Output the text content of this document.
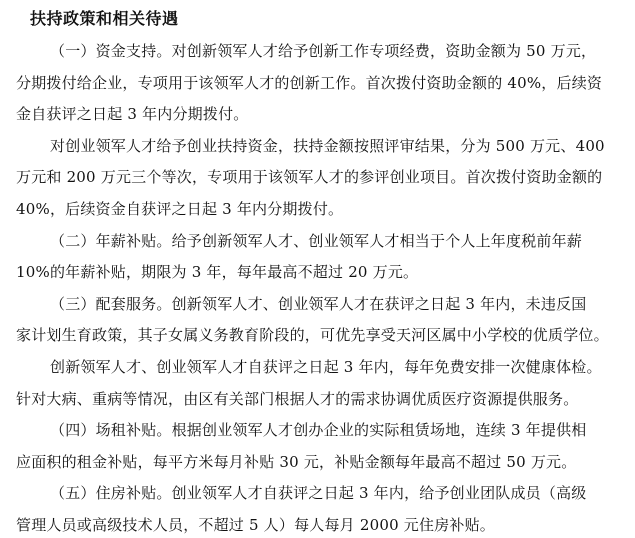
扶持政策和相关待遇
（一）资金支持。对创新领军人才给予创新工作专项经费，资助金额为 50 万元，
分期拨付给企业，专项用于该领军人才的创新工作。首次拨付资助金额的 40%，后续资
金自获评之日起 3 年内分期拨付。
对创业领军人才给予创业扶持资金，扶持金额按照评审结果，分为 500 万元、400
万元和 200 万元三个等次，专项用于该领军人才的参评创业项目。首次拨付资助金额的
40%，后续资金自获评之日起 3 年内分期拨付。
（二）年薪补贴。给予创新领军人才、创业领军人才相当于个人上年度税前年薪
10%的年薪补贴，期限为 3 年，每年最高不超过 20 万元。
（三）配套服务。创新领军人才、创业领军人才在获评之日起 3 年内，未违反国
家计划生育政策，其子女属义务教育阶段的，可优先享受天河区属中小学校的优质学位。
创新领军人才、创业领军人才自获评之日起 3 年内，每年免费安排一次健康体检。
针对大病、重病等情况，由区有关部门根据人才的需求协调优质医疗资源提供服务。
（四）场租补贴。根据创业领军人才创办企业的实际租赁场地，连续 3 年提供相
应面积的租金补贴，每平方米每月补贴 30 元，补贴金额每年最高不超过 50 万元。
（五）住房补贴。创业领军人才自获评之日起 3 年内，给予创业团队成员（高级
管理人员或高级技术人员，不超过 5 人）每人每月 2000 元住房补贴。
